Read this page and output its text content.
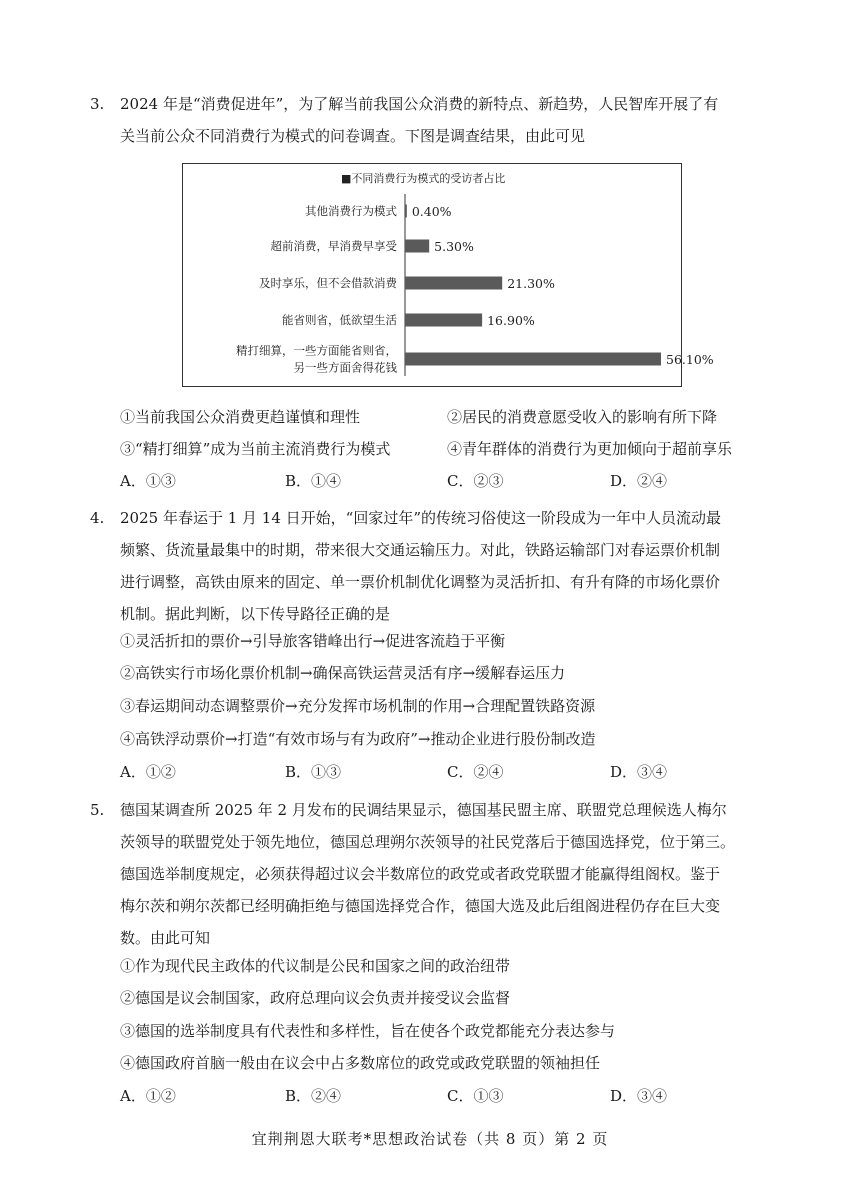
3. 2024 年是“消费促进年”，为了解当前我国公众消费的新特点、新趋势，人民智库开展了有
关当前公众不同消费行为模式的问卷调查。下图是调查结果，由此可见
■不同消费行为模式的受访者占比
0.40%
其他消费行为模式
5.30%
超前消费，早消费早享受
21.30%
及时享乐，但不会借款消费
16.90%
能省则省，低欲望生活
56.10%
精打细算，一些方面能省则省，
另一些方面舍得花钱
①当前我国公众消费更趋谨慎和理性	②居民的消费意愿受收入的影响有所下降
③“精打细算”成为当前主流消费行为模式	④青年群体的消费行为更加倾向于超前享乐
A．①③	B．①④	C．②③	D．②④
4. 2025 年春运于 1 月 14 日开始，“回家过年”的传统习俗使这一阶段成为一年中人员流动最
频繁、货流量最集中的时期，带来很大交通运输压力。对此，铁路运输部门对春运票价机制
进行调整，高铁由原来的固定、单一票价机制优化调整为灵活折扣、有升有降的市场化票价
机制。据此判断，以下传导路径正确的是
①灵活折扣的票价→引导旅客错峰出行→促进客流趋于平衡
②高铁实行市场化票价机制→确保高铁运营灵活有序→缓解春运压力
③春运期间动态调整票价→充分发挥市场机制的作用→合理配置铁路资源
④高铁浮动票价→打造“有效市场与有为政府”→推动企业进行股份制改造
A．①②	B．①③	C．②④	D．③④
5. 德国某调查所 2025 年 2 月发布的民调结果显示，德国基民盟主席、联盟党总理候选人梅尔
茨领导的联盟党处于领先地位，德国总理朔尔茨领导的社民党落后于德国选择党，位于第三。
德国选举制度规定，必须获得超过议会半数席位的政党或者政党联盟才能赢得组阁权。鉴于
梅尔茨和朔尔茨都已经明确拒绝与德国选择党合作，德国大选及此后组阁进程仍存在巨大变
数。由此可知
①作为现代民主政体的代议制是公民和国家之间的政治纽带
②德国是议会制国家，政府总理向议会负责并接受议会监督
③德国的选举制度具有代表性和多样性，旨在使各个政党都能充分表达参与
④德国政府首脑一般由在议会中占多数席位的政党或政党联盟的领袖担任
A．①②	B．②④	C．①③	D．③④
宜荆荆恩大联考*思想政治试卷（共 8 页）第 2 页
